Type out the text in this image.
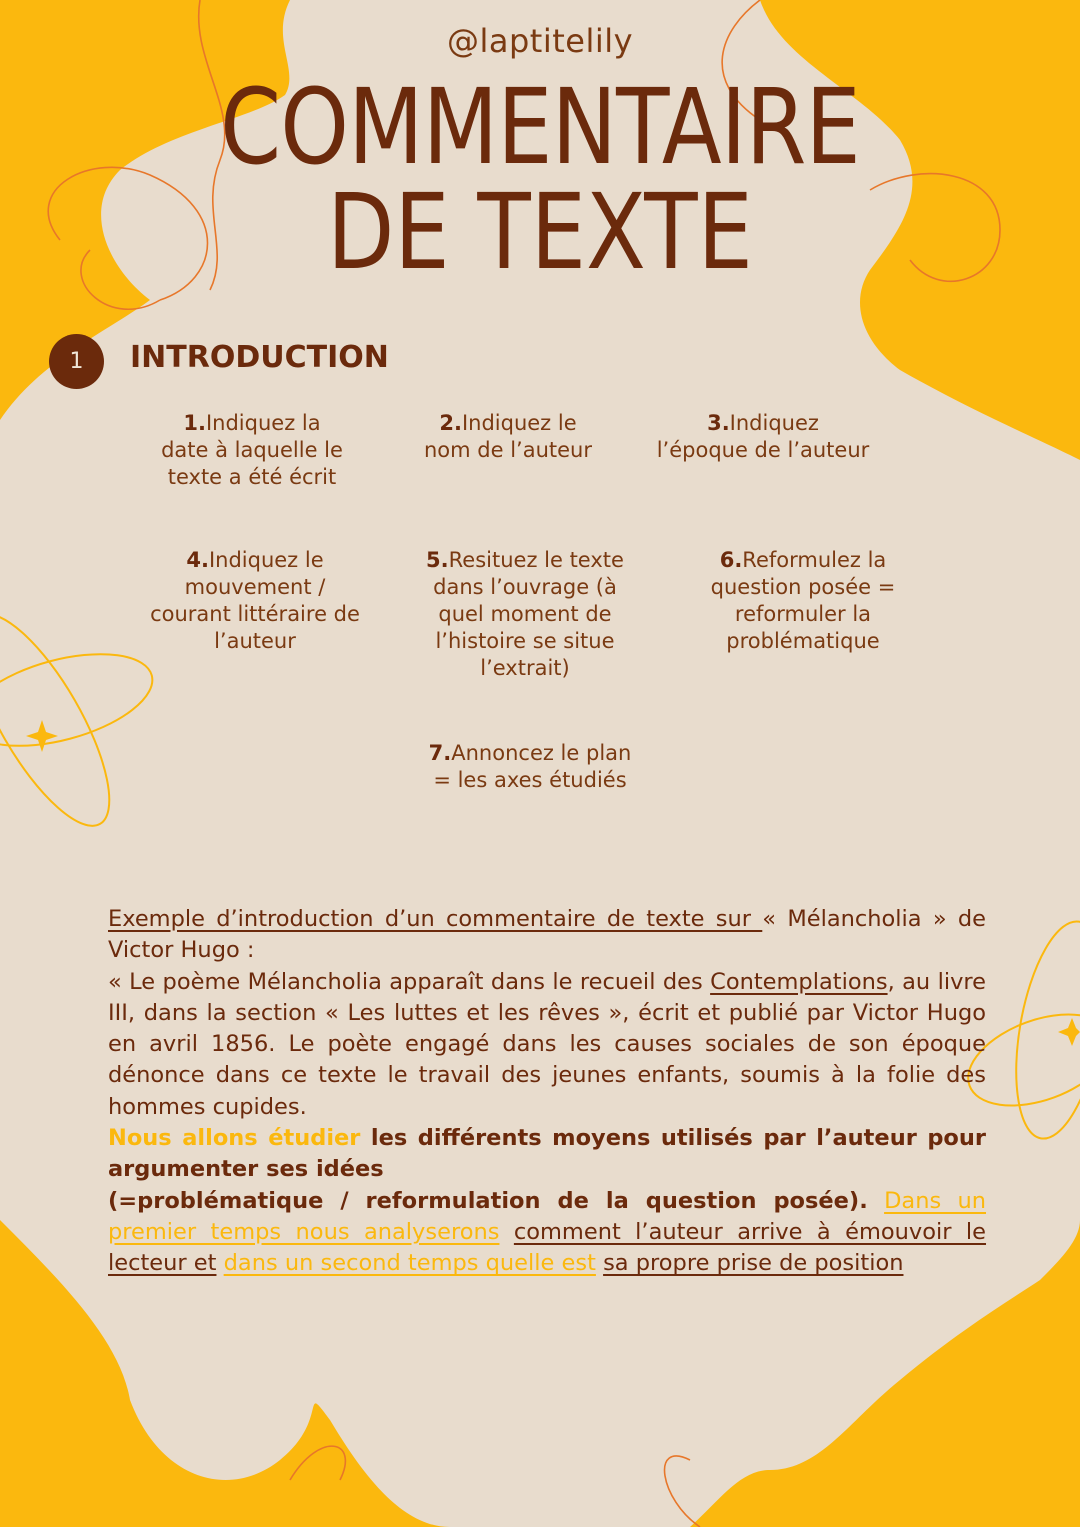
@laptitelily
COMMENTAIRE
DE TEXTE
1	INTRODUCTION
1.Indiquez la
date à laquelle le
texte a été écrit
2.Indiquez le
nom de l’auteur
3.Indiquez
l’époque de l’auteur
4.Indiquez le
mouvement /
courant littéraire de
l’auteur
5.Resituez le texte
dans l’ouvrage (à
quel moment de
l’histoire se situe
l’extrait)
6.Reformulez la
question posée =
reformuler la
problématique
7.Annoncez le plan
= les axes étudiés

Exemple d’introduction d’un commentaire de texte sur « Mélancholia » de Victor Hugo :

« Le poème Mélancholia apparaît dans le recueil des Contemplations, au livre III, dans la section « Les luttes et les rêves », écrit et publié par Victor Hugo en avril 1856. Le poète engagé dans les causes sociales de son époque dénonce dans ce texte le travail des jeunes enfants, soumis à la folie des hommes cupides.

Nous allons étudier les différents moyens utilisés par l’auteur pour argumenter ses idées

(=problématique / reformulation de la question posée). Dans un premier temps nous analyserons comment l’auteur arrive à émouvoir le lecteur et dans un second temps quelle est sa propre prise de position
